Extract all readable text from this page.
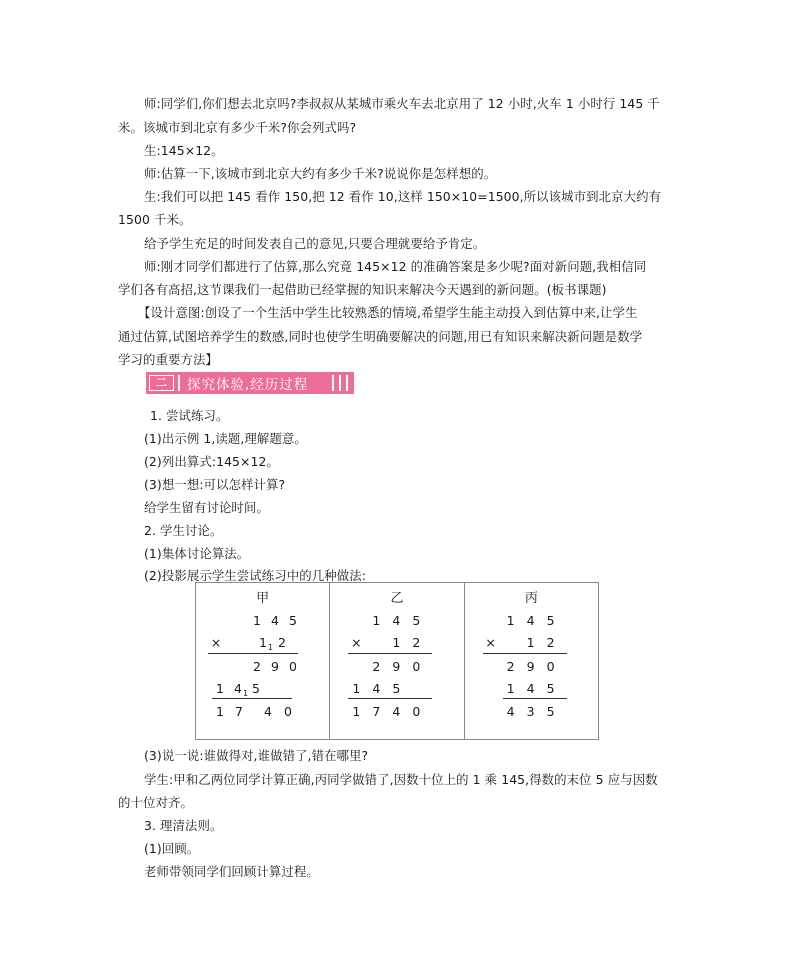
师:同学们,你们想去北京吗?李叔叔从某城市乘火车去北京用了 12 小时,火车 1 小时行 145 千
米。该城市到北京有多少千米?你会列式吗?
生:145×12。
师:估算一下,该城市到北京大约有多少千米?说说你是怎样想的。
生:我们可以把 145 看作 150,把 12 看作 10,这样 150×10=1500,所以该城市到北京大约有
1500 千米。
给予学生充足的时间发表自己的意见,只要合理就要给予肯定。
师:刚才同学们都进行了估算,那么究竟 145×12 的准确答案是多少呢?面对新问题,我相信同
学们各有高招,这节课我们一起借助已经掌握的知识来解决今天遇到的新问题。(板书课题)
【设计意图:创设了一个生活中学生比较熟悉的情境,希望学生能主动投入到估算中来,让学生
通过估算,试图培养学生的数感,同时也使学生明确要解决的问题,用已有知识来解决新问题是数学
学习的重要方法】
二	探究体验,经历过程
1. 尝试练习。
(1)出示例 1,读题,理解题意。
(2)列出算式:145×12。
(3)想一想:可以怎样计算?
给学生留有讨论时间。
2. 学生讨论。
(1)集体讨论算法。
(2)投影展示学生尝试练习中的几种做法:
甲
1 4 5
×	1 1 2
2 9 0
1 4 1 5
1 7 4 0
乙
1 4 5
× 1 2
2 9 0
1 4 5
1 7 4 0
丙
1 4 5
× 1 2
2 9 0
1 4 5
4 3 5
(3)说一说:谁做得对,谁做错了,错在哪里?
学生:甲和乙两位同学计算正确,丙同学做错了,因数十位上的 1 乘 145,得数的末位 5 应与因数
的十位对齐。
3. 理清法则。
(1)回顾。
老师带领同学们回顾计算过程。
